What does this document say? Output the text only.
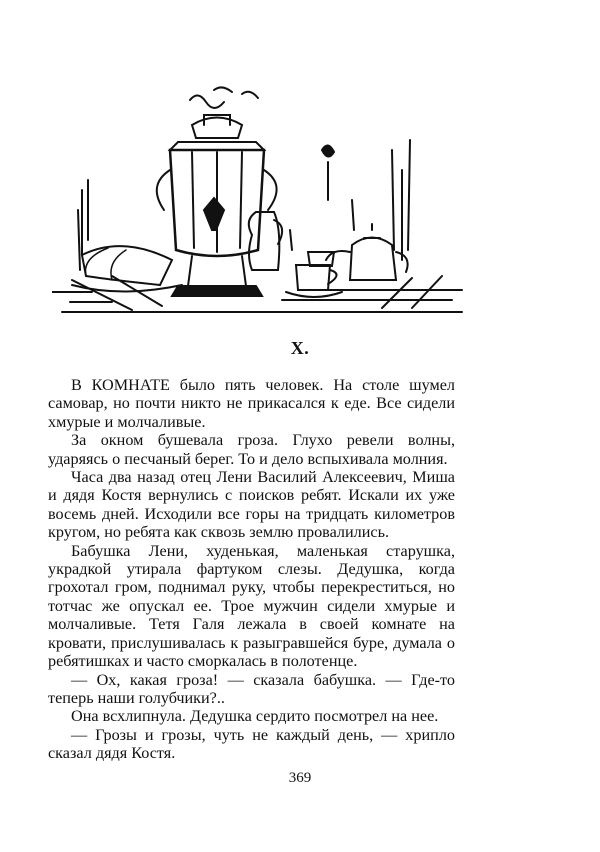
X.

В КОМНАТЕ было пять человек. На столе шумел самовар, но почти никто не прикасался к еде. Все сидели хмурые и молчаливые.

За окном бушевала гроза. Глухо ревели волны, ударяясь о песчаный берег. То и дело вспыхивала молния.

Часа два назад отец Лени Василий Алексеевич, Миша и дядя Костя вернулись с поисков ребят. Искали их уже восемь дней. Исходили все горы на тридцать километров кругом, но ребята как сквозь землю провалились.

Бабушка Лени, худенькая, маленькая старушка, украдкой утирала фартуком слезы. Дедушка, когда грохотал гром, поднимал руку, чтобы перекреститься, но тотчас же опускал ее. Трое мужчин сидели хмурые и молчаливые. Тетя Галя лежала в своей комнате на кровати, прислушивалась к разыгравшейся буре, думала о ребятишках и часто сморкалась в полотенце.

— Ох, какая гроза! — сказала бабушка. — Где-то теперь наши голубчики?..

Она всхлипнула. Дедушка сердито посмотрел на нее.

— Грозы и грозы, чуть не каждый день, — хрипло сказал дядя Костя.

369
